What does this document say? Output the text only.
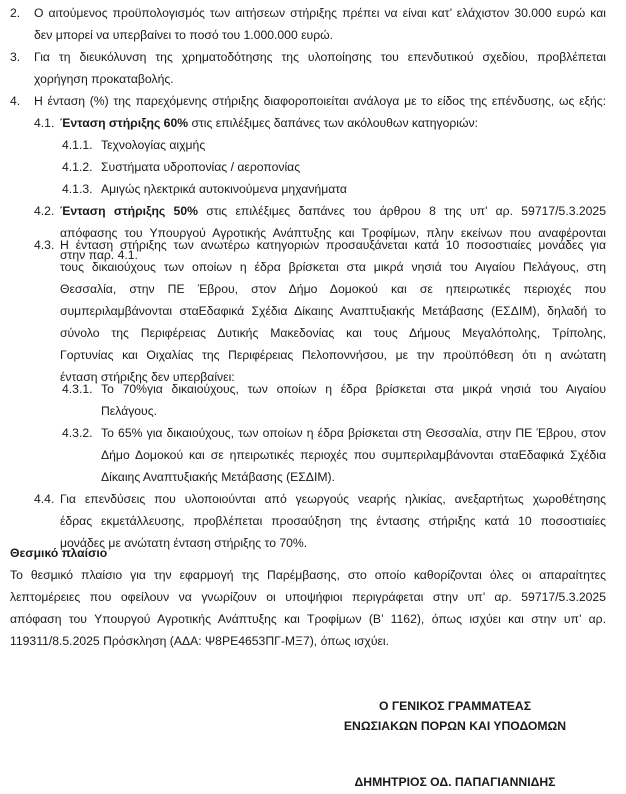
2. Ο αιτούμενος προϋπολογισμός των αιτήσεων στήριξης πρέπει να είναι κατ’ ελάχιστον 30.000 ευρώ και
δεν μπορεί να υπερβαίνει το ποσό του 1.000.000 ευρώ.
3. Για τη διευκόλυνση της χρηματοδότησης της υλοποίησης του επενδυτικού σχεδίου, προβλέπεται
χορήγηση προκαταβολής.
4. Η ένταση (%) της παρεχόμενης στήριξης διαφοροποιείται ανάλογα με το είδος της επένδυσης, ως εξής:
4.1. Ένταση στήριξης 60% στις επιλέξιμες δαπάνες των ακόλουθων κατηγοριών:
4.1.1. Τεχνολογίας αιχμής
4.1.2. Συστήματα υδροπονίας / αεροπονίας
4.1.3. Αμιγώς ηλεκτρικά αυτοκινούμενα μηχανήματα
4.2. Ένταση στήριξης 50% στις επιλέξιμες δαπάνες του άρθρου 8 της υπ’ αρ. 59717/5.3.2025
απόφασης του Υπουργού Αγροτικής Ανάπτυξης και Τροφίμων, πλην εκείνων που αναφέρονται
στην παρ. 4.1.
4.3. Η ένταση στήριξης των ανωτέρω κατηγοριών προσαυξάνεται κατά 10 ποσοστιαίες μονάδες για
τους δικαιούχους των οποίων η έδρα βρίσκεται στα μικρά νησιά του Αιγαίου Πελάγους, στη
Θεσσαλία, στην ΠΕ Έβρου, στον Δήμο Δομοκού και σε ηπειρωτικές περιοχές που
συμπεριλαμβάνονται σταΕδαφικά Σχέδια Δίκαιης Αναπτυξιακής Μετάβασης (ΕΣΔΙΜ), δηλαδή το
σύνολο της Περιφέρειας Δυτικής Μακεδονίας και τους Δήμους Μεγαλόπολης, Τρίπολης,
Γορτυνίας και Οιχαλίας της Περιφέρειας Πελοποννήσου, με την προϋπόθεση ότι η ανώτατη
ένταση στήριξης δεν υπερβαίνει:
4.3.1. Το 70%για δικαιούχους, των οποίων η έδρα βρίσκεται στα μικρά νησιά του Αιγαίου
Πελάγους.
4.3.2. Το 65% για δικαιούχους, των οποίων η έδρα βρίσκεται στη Θεσσαλία, στην ΠΕ Έβρου, στον
Δήμο Δομοκού και σε ηπειρωτικές περιοχές που συμπεριλαμβάνονται σταΕδαφικά Σχέδια
Δίκαιης Αναπτυξιακής Μετάβασης (ΕΣΔΙΜ).
4.4. Για επενδύσεις που υλοποιούνται από γεωργούς νεαρής ηλικίας, ανεξαρτήτως χωροθέτησης
έδρας εκμετάλλευσης, προβλέπεται προσαύξηση της έντασης στήριξης κατά 10 ποσοστιαίες
μονάδες με ανώτατη ένταση στήριξης το 70%.
Θεσμικό πλαίσιο
Το θεσμικό πλαίσιο για την εφαρμογή της Παρέμβασης, στο οποίο καθορίζονται όλες οι απαραίτητες
λεπτομέρειες που οφείλουν να γνωρίζουν οι υποψήφιοι περιγράφεται στην υπ’ αρ. 59717/5.3.2025
απόφαση του Υπουργού Αγροτικής Ανάπτυξης και Τροφίμων (Β’ 1162), όπως ισχύει και στην υπ’ αρ.
119311/8.5.2025 Πρόσκληση (ΑΔΑ: Ψ8ΡΕ4653ΠΓ-ΜΞ7), όπως ισχύει.
Ο ΓΕΝΙΚΟΣ ΓΡΑΜΜΑΤΕΑΣ
ΕΝΩΣΙΑΚΩΝ ΠΟΡΩΝ ΚΑΙ ΥΠΟΔΟΜΩΝ
ΔΗΜΗΤΡΙΟΣ ΟΔ. ΠΑΠΑΓΙΑΝΝΙΔΗΣ
